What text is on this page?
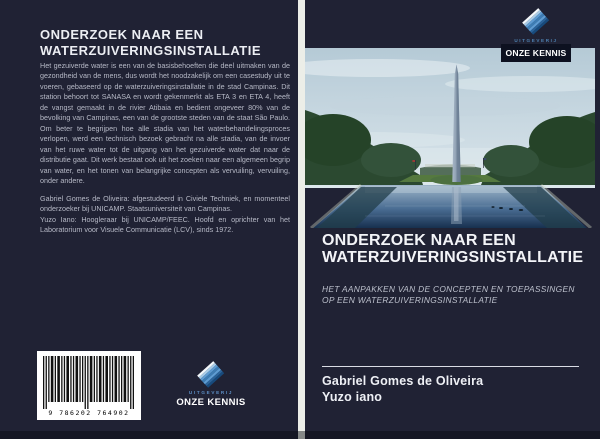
ONDERZOEK NAAR EEN
WATERZUIVERINGSINSTALLATIE

Het gezuiverde water is een van de basisbehoeften die deel uitmaken van de gezondheid van de mens, dus wordt het noodzakelijk om een casestudy uit te voeren, gebaseerd op de waterzuiveringsinstallatie in de stad Campinas. Dit station behoort tot SANASA en wordt gekenmerkt als ETA 3 en ETA 4, heeft de vangst gemaakt in de rivier Atibaia en bedient ongeveer 80% van de bevolking van Campinas, een van de grootste steden van de staat São Paulo. Om beter te begrijpen hoe alle stadia van het waterbehandelingsproces verlopen, werd een technisch bezoek gebracht na alle stadia, van de invoer van het ruwe water tot de uitgang van het gezuiverde water dat naar de distributie gaat. Dit werk bestaat ook uit het zoeken naar een algemeen begrip van water, en het tonen van belangrijke concepten als vervuiling, vervuiling, onder andere.

Gabriel Gomes de Oliveira: afgestudeerd in Civiele Techniek, en momenteel onderzoeker bij UNICAMP. Staatsuniversiteit van Campinas.

Yuzo Iano: Hoogleraar bij UNICAMP/FEEC. Hoofd en oprichter van het Laboratorium voor Visuele Communicatie (LCV), sinds 1972.

9 786202 764902
UITGEVERIJ
ONZE KENNIS
UITGEVERIJ
ONZE KENNIS
ONDERZOEK NAAR EEN
WATERZUIVERINGSINSTALLATIE
HET AANPAKKEN VAN DE CONCEPTEN EN TOEPASSINGEN
OP EEN WATERZUIVERINGSINSTALLATIE
Gabriel Gomes de Oliveira
Yuzo iano
